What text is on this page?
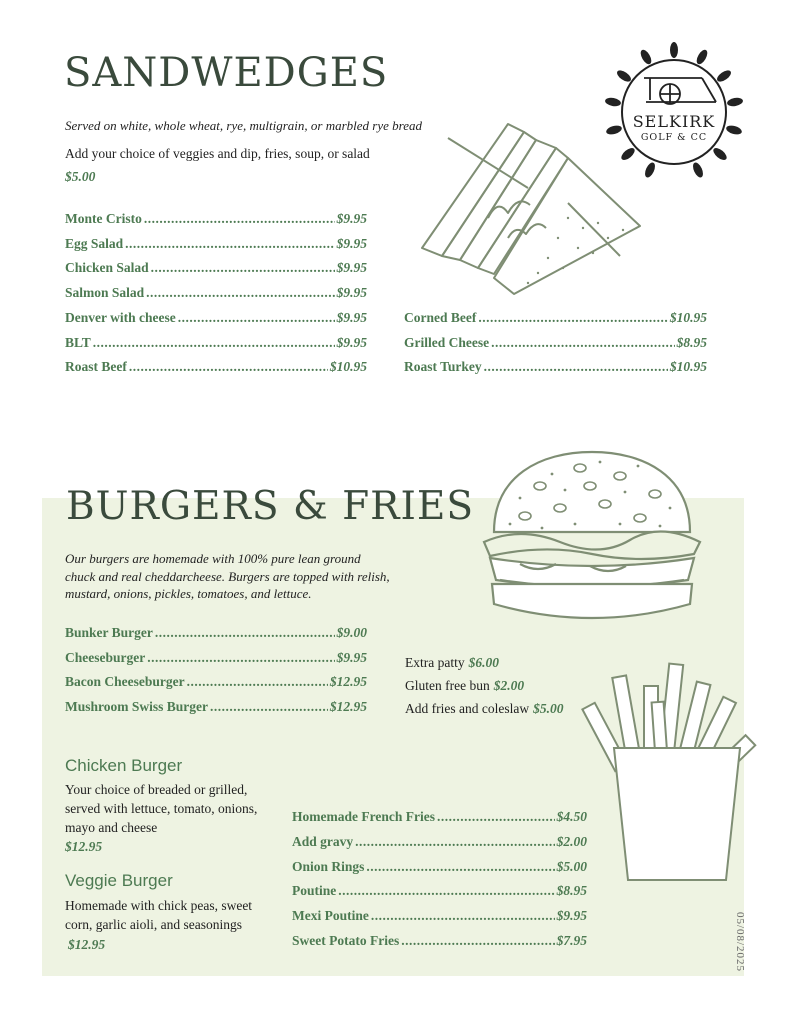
SANDWEDGES
Served on white, whole wheat, rye, multigrain, or marbled rye bread
Add your choice of veggies and dip, fries, soup, or salad
$5.00
Monte Cristo .....	$9.95
Egg Salad .....	$9.95
Chicken Salad .....	$9.95
Salmon Salad .....	$9.95
Denver with cheese .....	$9.95
BLT .....	$9.95
Roast Beef .....	$10.95
Corned Beef .....	$10.95
Grilled Cheese .....	$8.95
Roast Turkey .....	$10.95
SELKIRK
GOLF & CC
BURGERS & FRIES
Our burgers are homemade with 100% pure lean ground chuck and real cheddarcheese. Burgers are topped with relish, mustard, onions, pickles, tomatoes, and lettuce.
Bunker Burger .....	$9.00
Cheeseburger .....	$9.95
Bacon Cheeseburger .....	$12.95
Mushroom Swiss Burger .....	$12.95
Extra patty $6.00
Gluten free bun $2.00
Add fries and coleslaw $5.00
Chicken Burger
Your choice of breaded or grilled, served with lettuce, tomato, onions, mayo and cheese
$12.95
Veggie Burger
Homemade with chick peas, sweet corn, garlic aioli, and seasonings
$12.95
Homemade French Fries .....	$4.50
Add gravy .....	$2.00
Onion Rings .....	$5.00
Poutine .....	$8.95
Mexi Poutine .....	$9.95
Sweet Potato Fries .....	$7.95	05/08/2025
